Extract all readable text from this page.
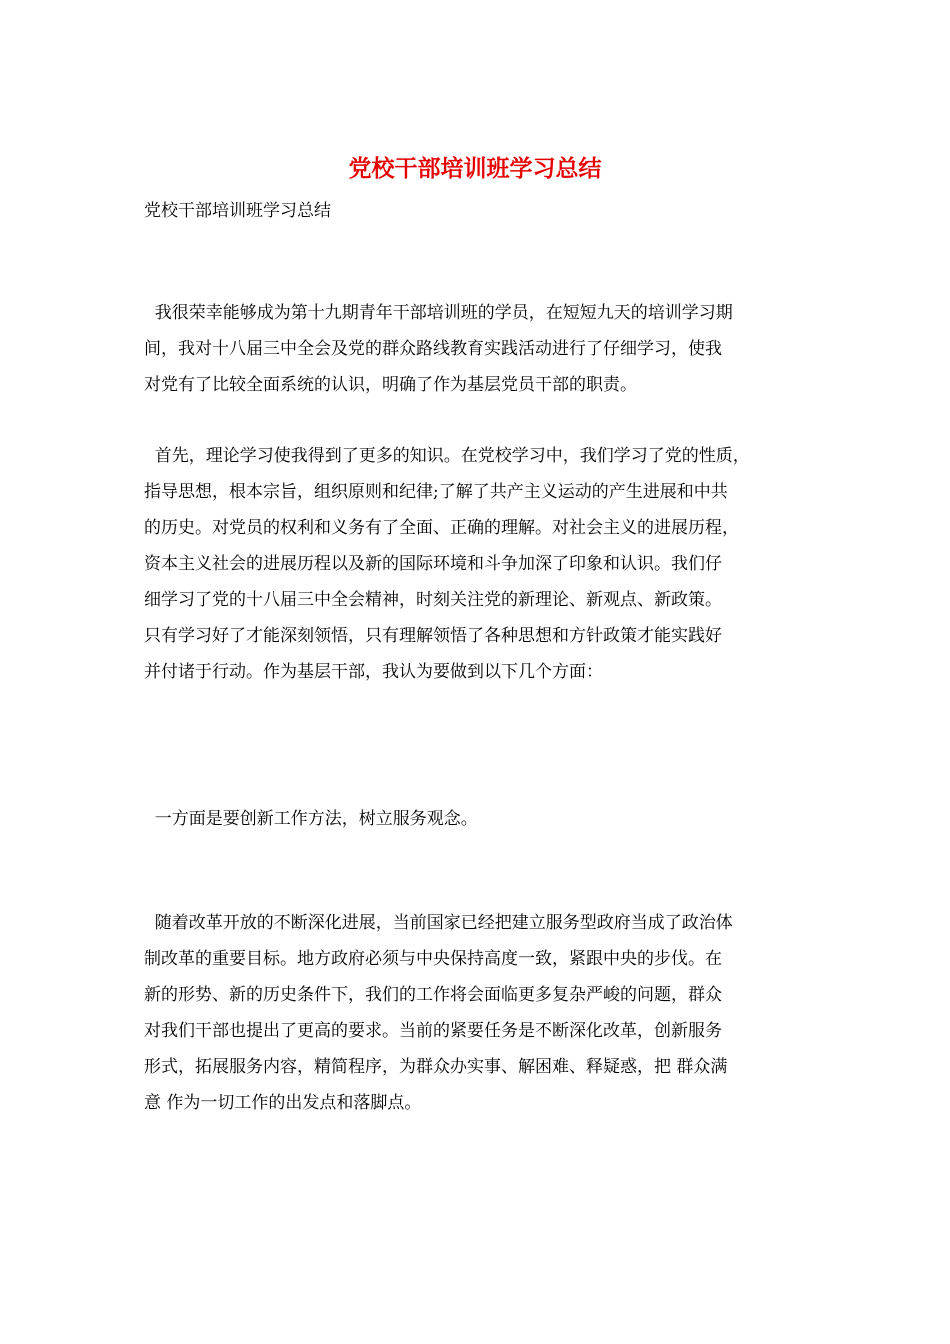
党校干部培训班学习总结

党校干部培训班学习总结

我很荣幸能够成为第十九期青年干部培训班的学员，在短短九天的培训学习期

间，我对十八届三中全会及党的群众路线教育实践活动进行了仔细学习，使我

对党有了比较全面系统的认识，明确了作为基层党员干部的职责。

首先，理论学习使我得到了更多的知识。在党校学习中，我们学习了党的性质，

指导思想，根本宗旨，组织原则和纪律;了解了共产主义运动的产生进展和中共

的历史。对党员的权利和义务有了全面、正确的理解。对社会主义的进展历程，

资本主义社会的进展历程以及新的国际环境和斗争加深了印象和认识。我们仔

细学习了党的十八届三中全会精神，时刻关注党的新理论、新观点、新政策。

只有学习好了才能深刻领悟，只有理解领悟了各种思想和方针政策才能实践好

并付诸于行动。作为基层干部，我认为要做到以下几个方面：

一方面是要创新工作方法，树立服务观念。

随着改革开放的不断深化进展，当前国家已经把建立服务型政府当成了政治体

制改革的重要目标。地方政府必须与中央保持高度一致，紧跟中央的步伐。在

新的形势、新的历史条件下，我们的工作将会面临更多复杂严峻的问题，群众

对我们干部也提出了更高的要求。当前的紧要任务是不断深化改革，创新服务

形式，拓展服务内容，精简程序，为群众办实事、解困难、释疑惑，把 群众满

意 作为一切工作的出发点和落脚点。
